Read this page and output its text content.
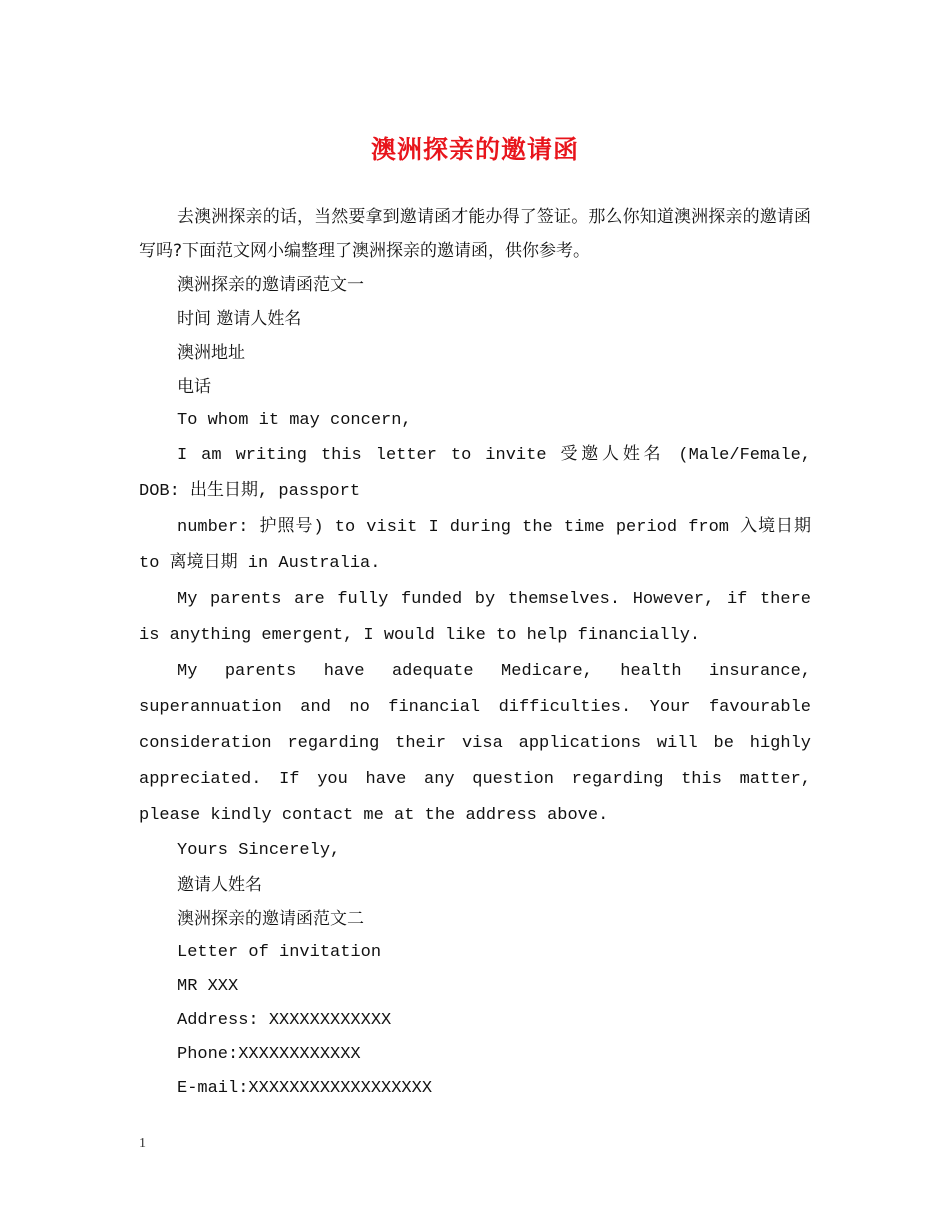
澳洲探亲的邀请函

去澳洲探亲的话，当然要拿到邀请函才能办得了签证。那么你知道澳洲探亲的邀请函写吗?下面范文网小编整理了澳洲探亲的邀请函，供你参考。

澳洲探亲的邀请函范文一

时间 邀请人姓名

澳洲地址

电话

To whom it may concern,

I am writing this letter to invite 受邀人姓名 (Male/Female, DOB: 出生日期, passport

number: 护照号) to visit I during the time period from 入境日期 to 离境日期 in Australia.

My parents are fully funded by themselves. However, if there is anything emergent, I would like to help financially.

My parents have adequate Medicare, health insurance, superannuation and no financial difficulties. Your favourable consideration regarding their visa applications will be highly appreciated. If you have any question regarding this matter, please kindly contact me at the address above.

Yours Sincerely,

邀请人姓名

澳洲探亲的邀请函范文二

Letter of invitation

MR XXX

Address: XXXXXXXXXXXX

Phone:XXXXXXXXXXXX

E-mail:XXXXXXXXXXXXXXXXXX

1
